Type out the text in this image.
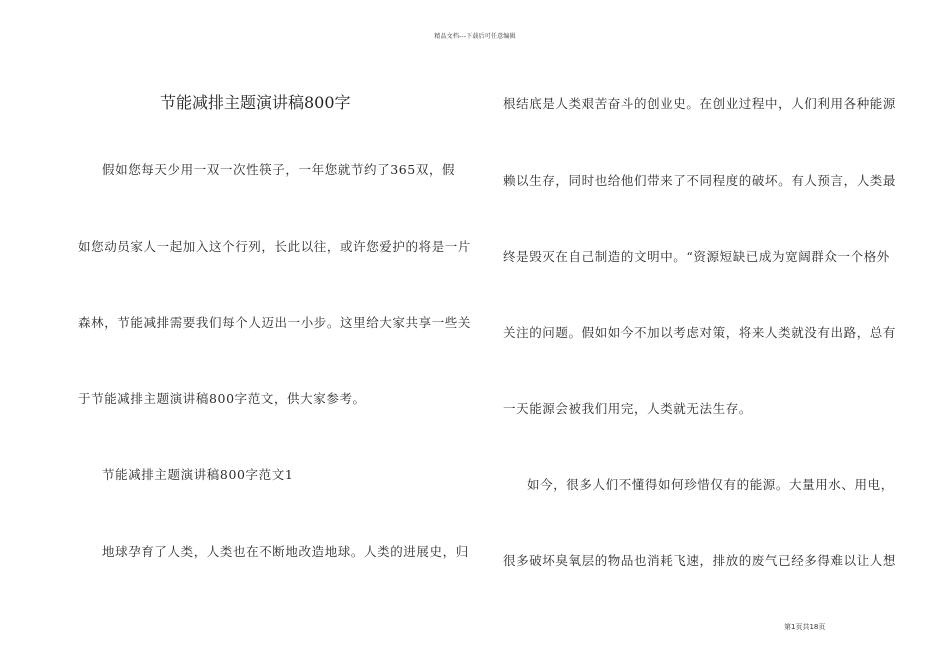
精品文档---下载后可任意编辑
节能减排主题演讲稿800字
假如您每天少用一双一次性筷子，一年您就节约了365双，假
如您动员家人一起加入这个行列，长此以往，或许您爱护的将是一片
森林，节能减排需要我们每个人迈出一小步。这里给大家共享一些关
于节能减排主题演讲稿800字范文，供大家参考。
节能减排主题演讲稿800字范文1
地球孕育了人类，人类也在不断地改造地球。人类的进展史，归
根结底是人类艰苦奋斗的创业史。在创业过程中，人们利用各种能源
赖以生存，同时也给他们带来了不同程度的破坏。有人预言，人类最
终是毁灭在自己制造的文明中。“资源短缺已成为宽阔群众一个格外
关注的问题。假如如今不加以考虑对策，将来人类就没有出路，总有
一天能源会被我们用完，人类就无法生存。
如今，很多人们不懂得如何珍惜仅有的能源。大量用水、用电，
很多破坏臭氧层的物品也消耗飞速，排放的废气已经多得难以让人想
第1页共18页
